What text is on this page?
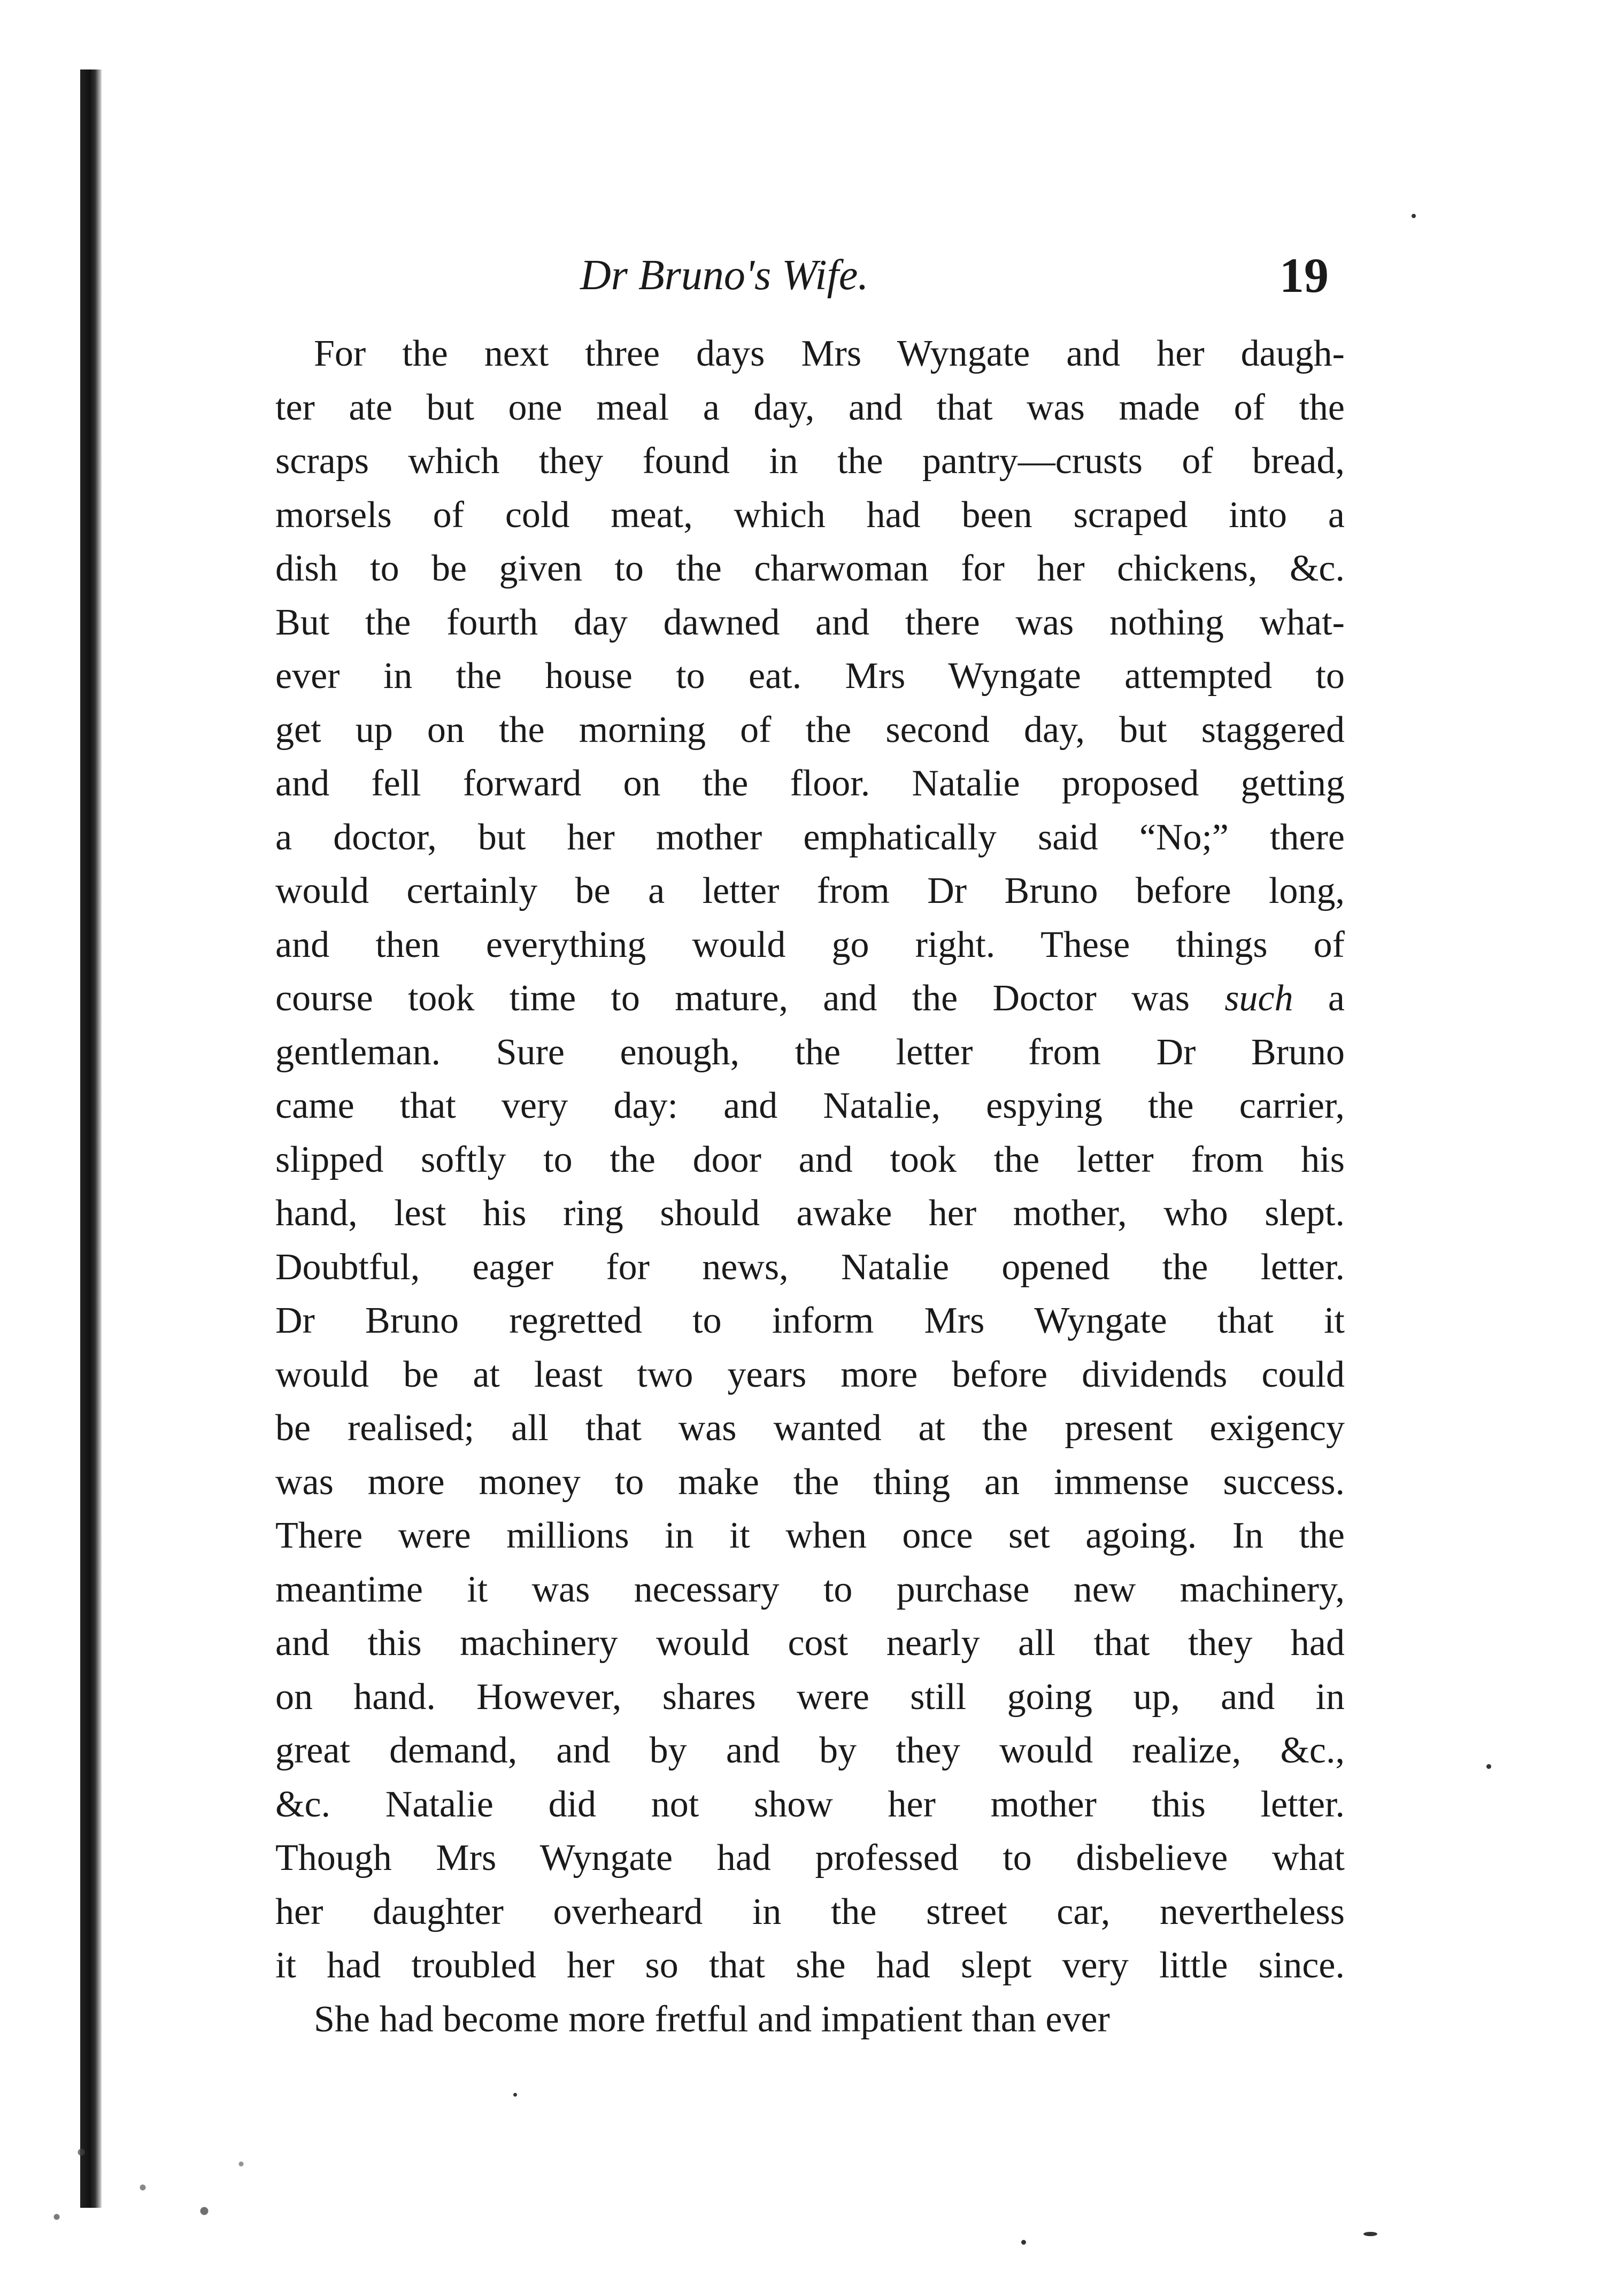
Dr Bruno's Wife.	19
For the next three days Mrs Wyngate and her daugh-
ter ate but one meal a day, and that was made of the
scraps which they found in the pantry—crusts of bread,
morsels of cold meat, which had been scraped into a
dish to be given to the charwoman for her chickens, &c.
But the fourth day dawned and there was nothing what-
ever in the house to eat. Mrs Wyngate attempted to
get up on the morning of the second day, but staggered
and fell forward on the floor. Natalie proposed getting
a doctor, but her mother emphatically said “No;” there
would certainly be a letter from Dr Bruno before long,
and then everything would go right. These things of
course took time to mature, and the Doctor was such a
gentleman. Sure enough, the letter from Dr Bruno
came that very day: and Natalie, espying the carrier,
slipped softly to the door and took the letter from his
hand, lest his ring should awake her mother, who slept.
Doubtful, eager for news, Natalie opened the letter.
Dr Bruno regretted to inform Mrs Wyngate that it
would be at least two years more before dividends could
be realised; all that was wanted at the present exigency
was more money to make the thing an immense success.
There were millions in it when once set agoing. In the
meantime it was necessary to purchase new machinery,
and this machinery would cost nearly all that they had
on hand. However, shares were still going up, and in
great demand, and by and by they would realize, &c.,
&c. Natalie did not show her mother this letter.
Though Mrs Wyngate had professed to disbelieve what
her daughter overheard in the street car, nevertheless
it had troubled her so that she had slept very little since.
She had become more fretful and impatient than ever
